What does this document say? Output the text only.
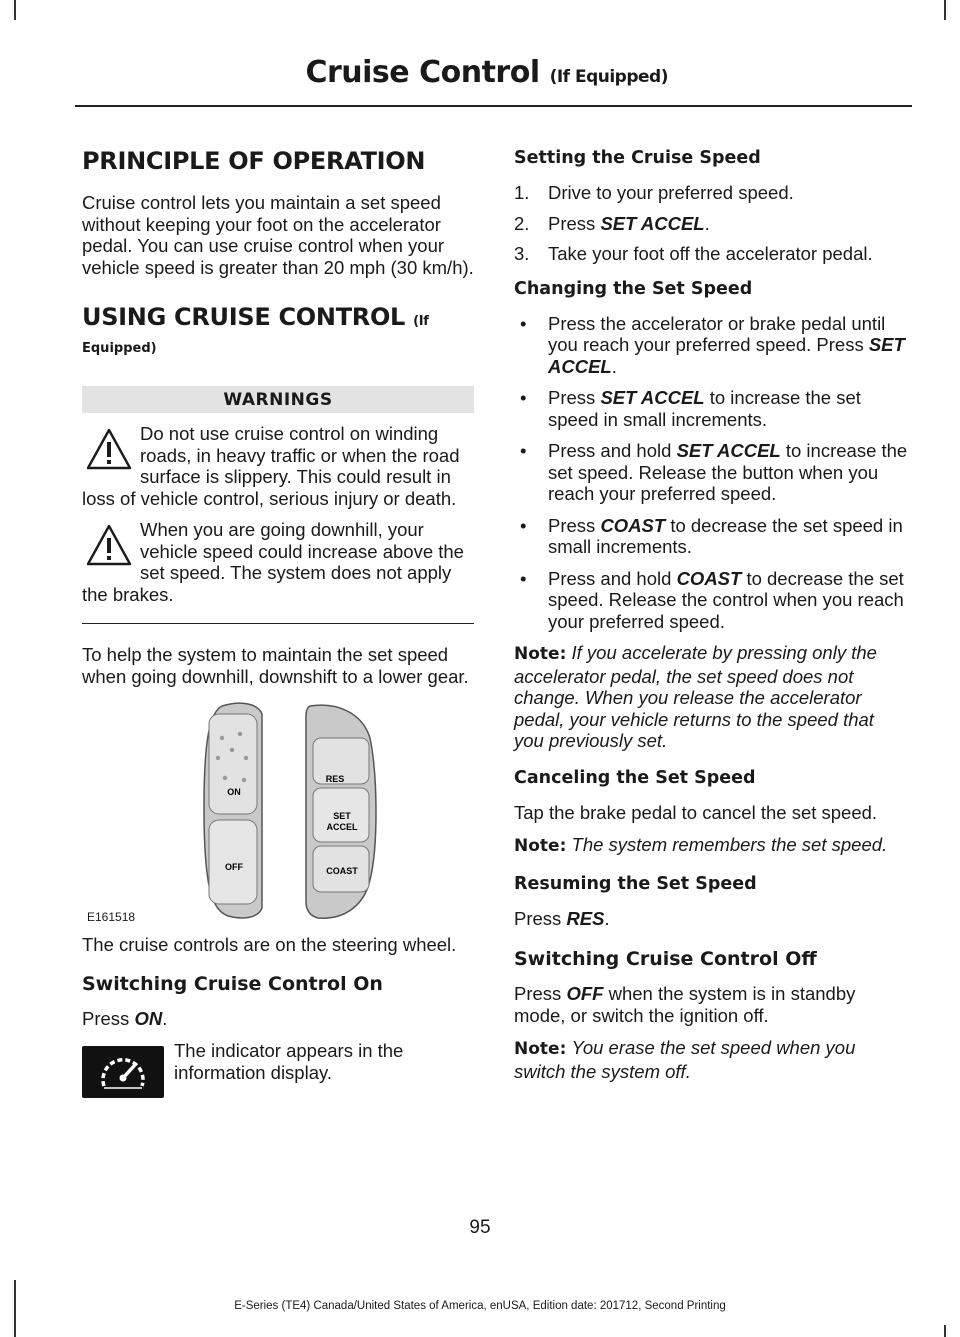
Cruise Control (If Equipped)
PRINCIPLE OF OPERATION

Cruise control lets you maintain a set speed without keeping your foot on the accelerator pedal. You can use cruise control when your vehicle speed is greater than 20 mph (30 km/h).

USING CRUISE CONTROL (If
Equipped)
WARNINGS

Do not use cruise control on winding roads, in heavy traffic or when the road surface is slippery. This could result in loss of vehicle control, serious injury or death.

When you are going downhill, your vehicle speed could increase above the set speed. The system does not apply the brakes.

To help the system to maintain the set speed when going downhill, downshift to a lower gear.

ON
OFF
RES
SET
ACCEL
COAST
E161518

The cruise controls are on the steering wheel.

Switching Cruise Control On

Press ON.

The indicator appears in the information display.

Setting the Cruise Speed
1. Drive to your preferred speed.
2. Press SET ACCEL.
3. Take your foot off the accelerator pedal.
Changing the Set Speed
• Press the accelerator or brake pedal until you reach your preferred speed. Press SET ACCEL.
• Press SET ACCEL to increase the set speed in small increments.
• Press and hold SET ACCEL to increase the set speed. Release the button when you reach your preferred speed.
• Press COAST to decrease the set speed in small increments.
• Press and hold COAST to decrease the set speed. Release the control when you reach your preferred speed.

Note: If you accelerate by pressing only the accelerator pedal, the set speed does not change. When you release the accelerator pedal, your vehicle returns to the speed that you previously set.

Canceling the Set Speed

Tap the brake pedal to cancel the set speed.

Note: The system remembers the set speed.

Resuming the Set Speed

Press RES.

Switching Cruise Control Off

Press OFF when the system is in standby mode, or switch the ignition off.

Note: You erase the set speed when you switch the system off.

95
E-Series (TE4) Canada/United States of America, enUSA, Edition date: 201712, Second Printing
